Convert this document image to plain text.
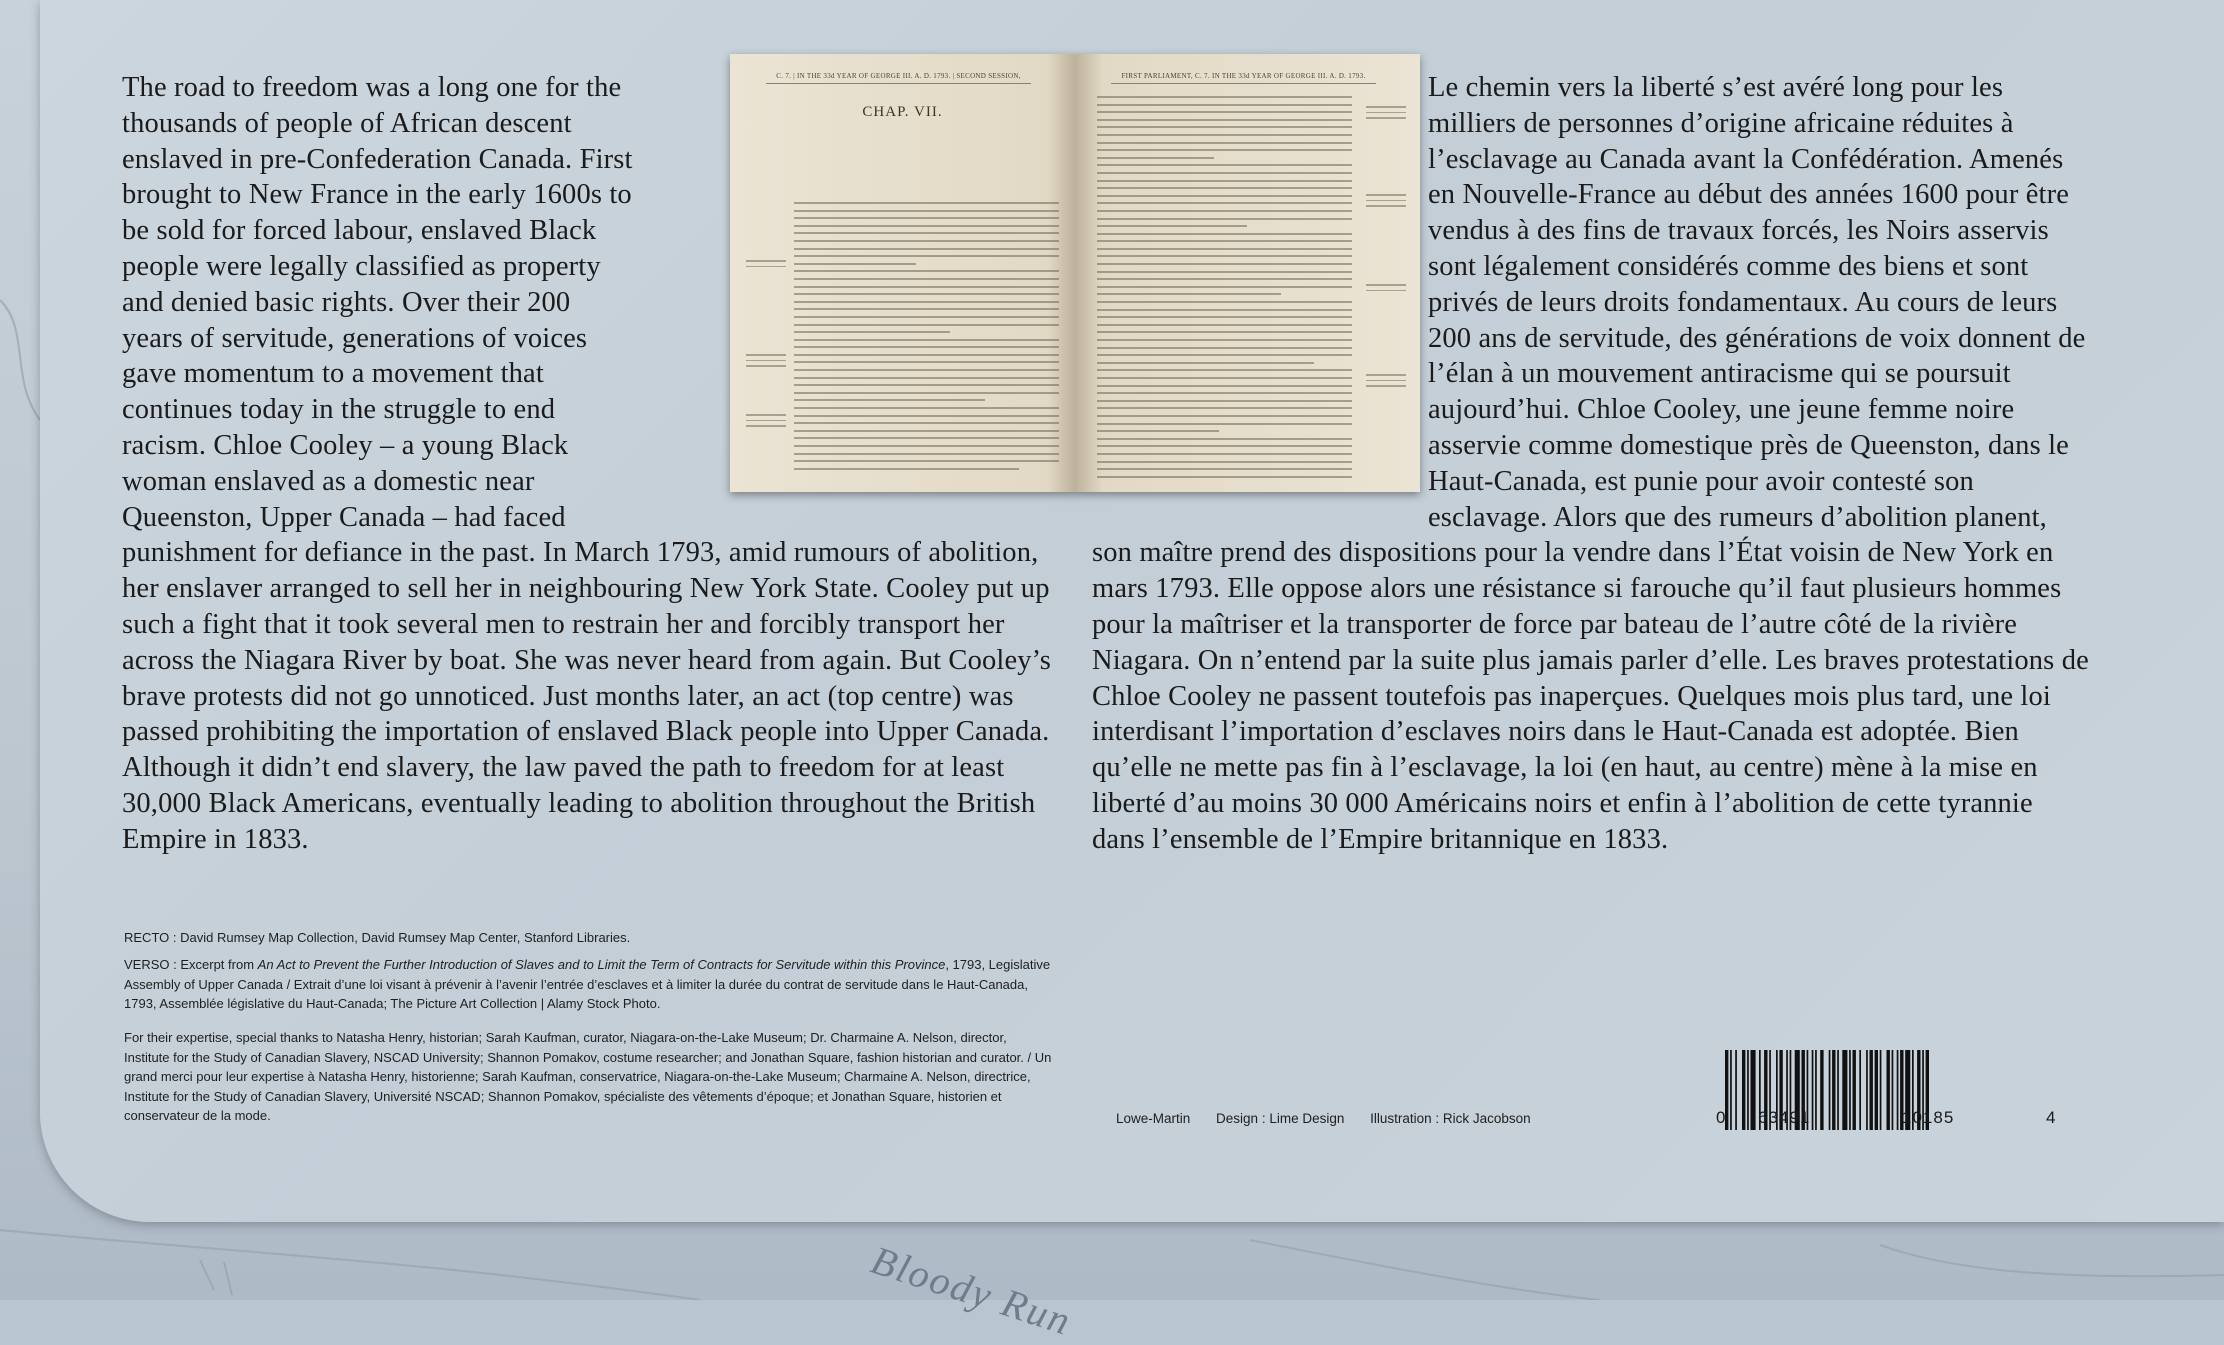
Bloody Run
C. 7. | IN THE 33d YEAR OF GEORGE III. A. D. 1793. | SECOND SESSION,
CHAP. VII.
FIRST PARLIAMENT, C. 7. IN THE 33d YEAR OF GEORGE III. A. D. 1793.

The road to freedom was a long one for the thousands of people of African descent enslaved in pre-Confederation Canada. First brought to New France in the early 1600s to be sold for forced labour, enslaved Black people were legally classified as property and denied basic rights. Over their 200 years of servitude, generations of voices gave momentum to a movement that continues today in the struggle to end racism. Chloe Cooley – a young Black woman enslaved as a domestic near Queenston, Upper Canada – had faced punishment for defiance in the past. In March 1793, amid rumours of abolition, her enslaver arranged to sell her in neighbouring New York State. Cooley put up such a fight that it took several men to restrain her and forcibly transport her across the Niagara River by boat. She was never heard from again. But Cooley’s brave protests did not go unnoticed. Just months later, an act (top centre) was passed prohibiting the importation of enslaved Black people into Upper Canada. Although it didn’t end slavery, the law paved the path to freedom for at least 30,000 Black Americans, eventually leading to abolition throughout the British Empire in 1833.

Le chemin vers la liberté s’est avéré long pour les milliers de personnes d’origine africaine réduites à l’esclavage au Canada avant la Confédération. Amenés en Nouvelle-France au début des années 1600 pour être vendus à des fins de travaux forcés, les Noirs asservis sont légalement considérés comme des biens et sont privés de leurs droits fondamentaux. Au cours de leurs 200 ans de servitude, des générations de voix donnent de l’élan à un mouvement antiracisme qui se poursuit aujourd’hui. Chloe Cooley, une jeune femme noire asservie comme domestique près de Queenston, dans le Haut-Canada, est punie pour avoir contesté son esclavage. Alors que des rumeurs d’abolition planent, son maître prend des dispositions pour la vendre dans l’État voisin de New York en mars 1793. Elle oppose alors une résistance si farouche qu’il faut plusieurs hommes pour la maîtriser et la transporter de force par bateau de l’autre côté de la rivière Niagara. On n’entend par la suite plus jamais parler d’elle. Les braves protestations de Chloe Cooley ne passent toutefois pas inaperçues. Quelques mois plus tard, une loi interdisant l’importation d’esclaves noirs dans le Haut-Canada est adoptée. Bien qu’elle ne mette pas fin à l’esclavage, la loi (en haut, au centre) mène à la mise en liberté d’au moins 30 000 Américains noirs et enfin à l’abolition de cette tyrannie dans l’ensemble de l’Empire britannique en 1833.

RECTO : David Rumsey Map Collection, David Rumsey Map Center, Stanford Libraries.

VERSO : Excerpt from An Act to Prevent the Further Introduction of Slaves and to Limit the Term of Contracts for Servitude within this Province, 1793, Legislative Assembly of Upper Canada / Extrait d’une loi visant à prévenir à l’avenir l’entrée d’esclaves et à limiter la durée du contrat de servitude dans le Haut-Canada, 1793, Assemblée législative du Haut-Canada; The Picture Art Collection | Alamy Stock Photo.

For their expertise, special thanks to Natasha Henry, historian; Sarah Kaufman, curator, Niagara-on-the-Lake Museum; Dr. Charmaine A. Nelson, director, Institute for the Study of Canadian Slavery, NSCAD University; Shannon Pomakov, costume researcher; and Jonathan Square, fashion historian and curator. / Un grand merci pour leur expertise à Natasha Henry, historienne; Sarah Kaufman, conservatrice, Niagara-on-the-Lake Museum; Charmaine A. Nelson, directrice, Institute for the Study of Canadian Slavery, Université NSCAD; Shannon Pomakov, spécialiste des vêtements d’époque; et Jonathan Square, historien et conservateur de la mode.	Lowe-Martin Design : Lime Design Illustration : Rick Jacobson	0 63491	10185	4
